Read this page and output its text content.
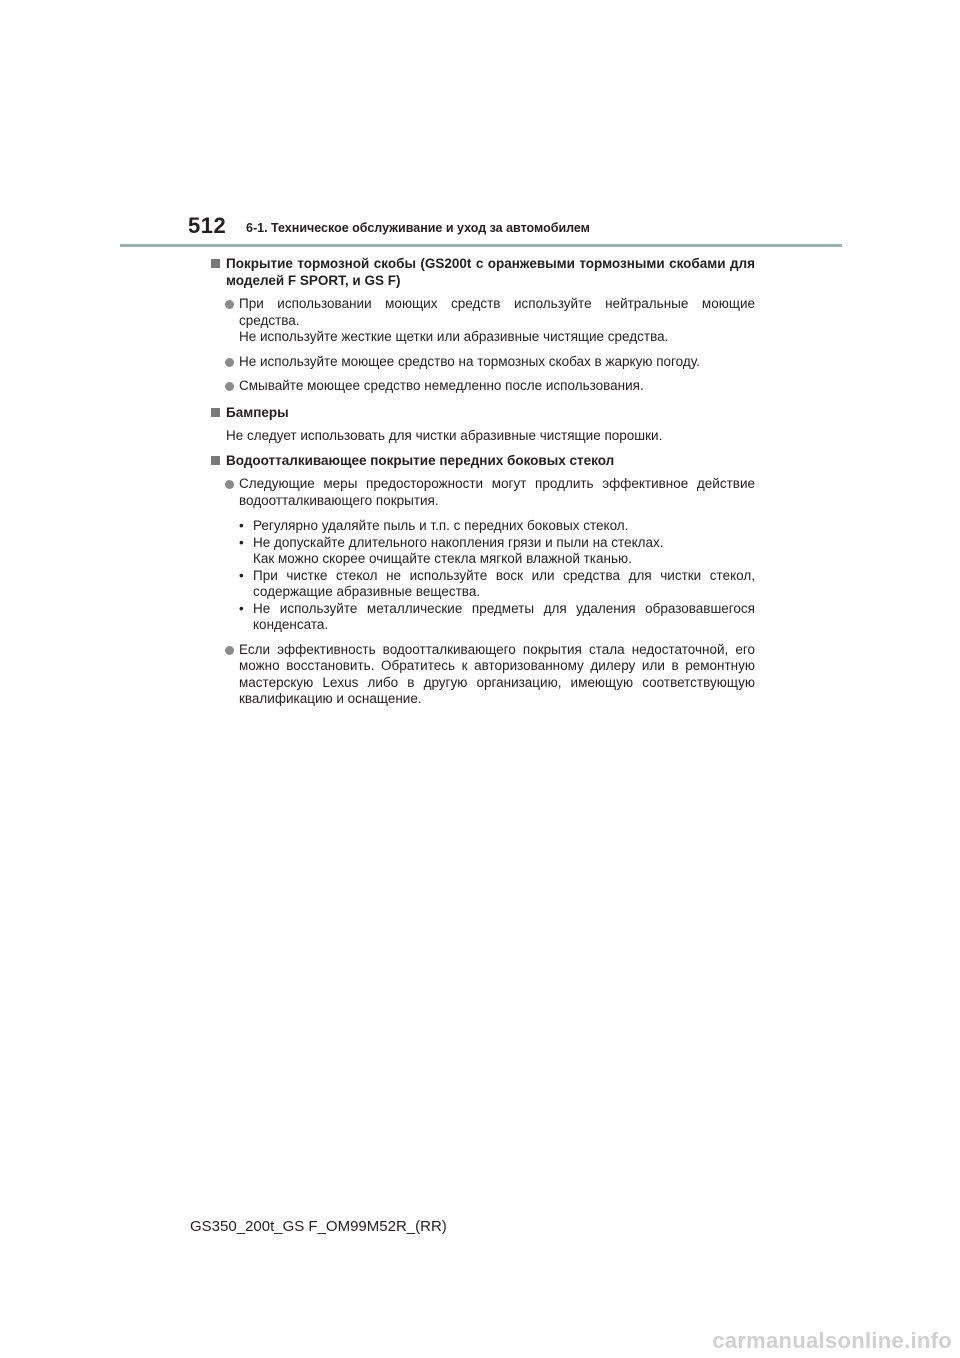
512 6-1. Техническое обслуживание и уход за автомобилем
Покрытие тормозной скобы (GS200t с оранжевыми тормозными скобами для моделей F SPORT, и GS F)
При использовании моющих средств используйте нейтральные моющие средства.
Не используйте жесткие щетки или абразивные чистящие средства.
Не используйте моющее средство на тормозных скобах в жаркую погоду.
Смывайте моющее средство немедленно после использования.
Бамперы
Не следует использовать для чистки абразивные чистящие порошки.
Водоотталкивающее покрытие передних боковых стекол
Следующие меры предосторожности могут продлить эффективное действие водоотталкивающего покрытия.
• Регулярно удаляйте пыль и т.п. с передних боковых стекол.
• Не допускайте длительного накопления грязи и пыли на стеклах.
Как можно скорее очищайте стекла мягкой влажной тканью.
• При чистке стекол не используйте воск или средства для чистки стекол, содержащие абразивные вещества.
• Не используйте металлические предметы для удаления образовавшегося конденсата.
Если эффективность водоотталкивающего покрытия стала недостаточной, его можно восстановить. Обратитесь к авторизованному дилеру или в ремонтную мастерскую Lexus либо в другую организацию, имеющую соответствующую квалификацию и оснащение.
GS350_200t_GS F_OM99M52R_(RR)
carmanualsonline.info
